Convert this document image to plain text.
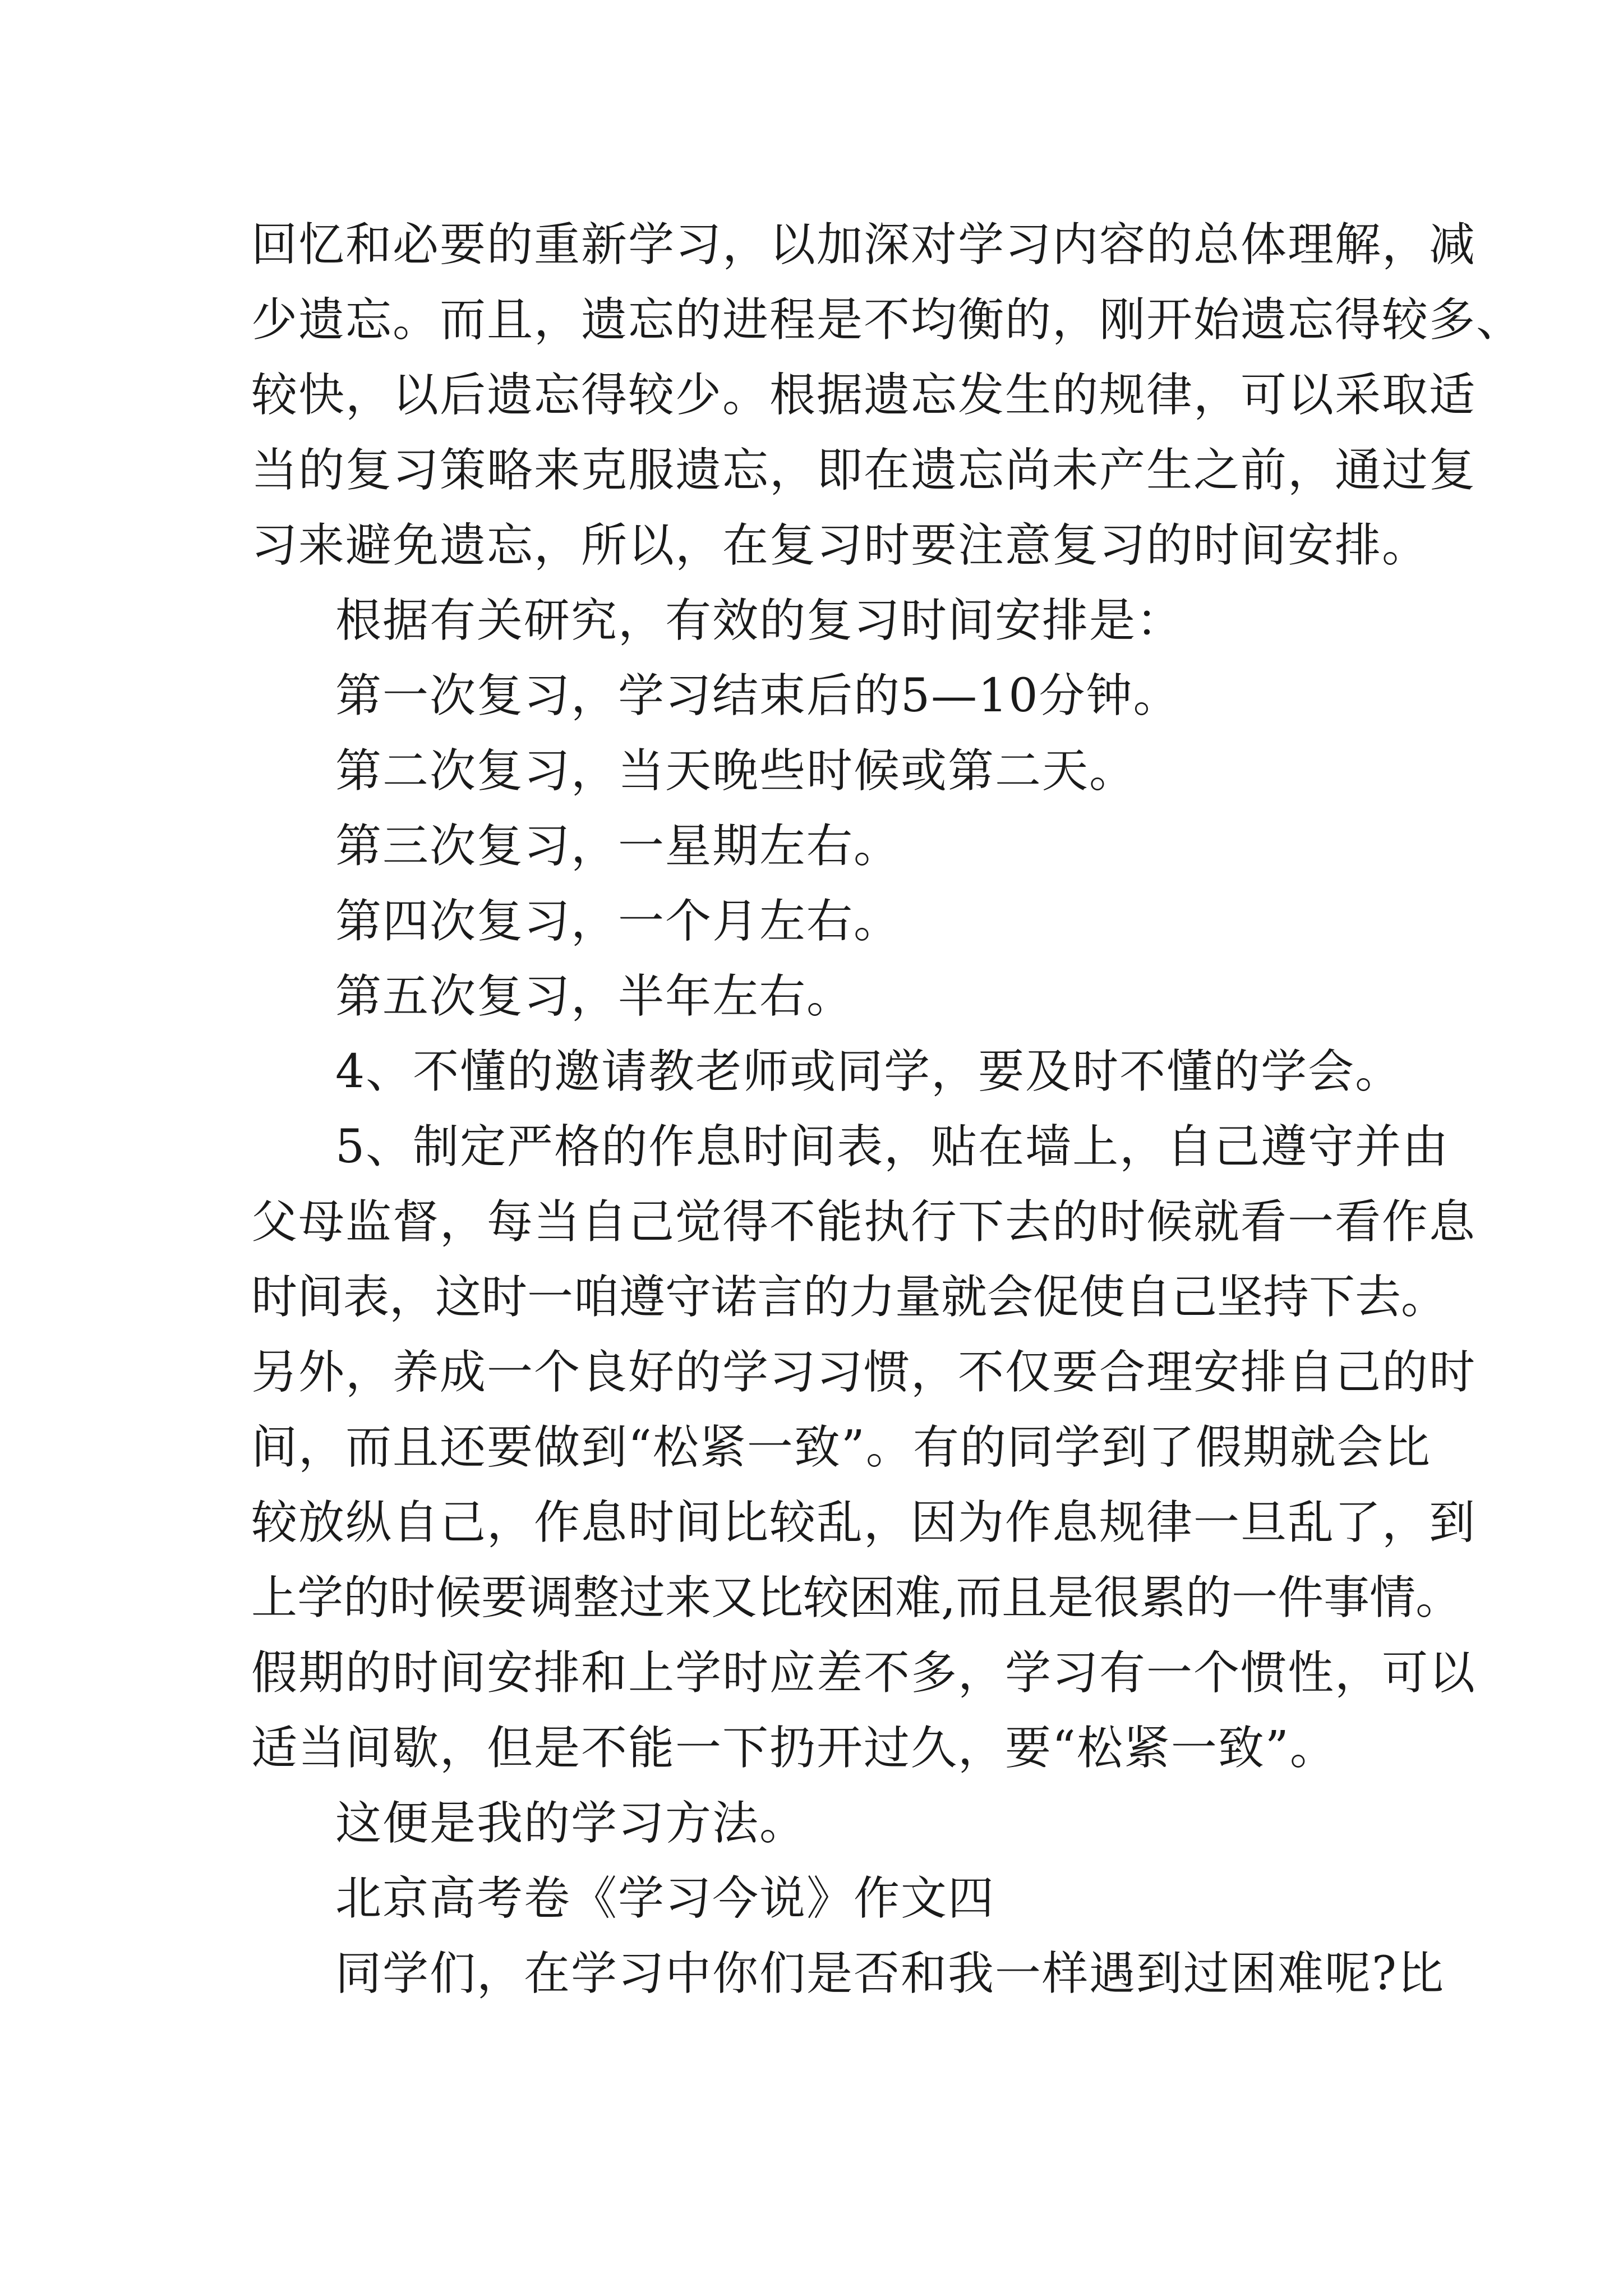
回忆和必要的重新学习，以加深对学习内容的总体理解，减
少遗忘。而且，遗忘的进程是不均衡的，刚开始遗忘得较多、
较快，以后遗忘得较少。根据遗忘发生的规律，可以采取适
当的复习策略来克服遗忘，即在遗忘尚未产生之前，通过复
习来避免遗忘，所以，在复习时要注意复习的时间安排。
根据有关研究，有效的复习时间安排是：
第一次复习，学习结束后的5—10分钟。
第二次复习，当天晚些时候或第二天。
第三次复习，一星期左右。
第四次复习，一个月左右。
第五次复习，半年左右。
4、不懂的邀请教老师或同学，要及时不懂的学会。
5、制定严格的作息时间表，贴在墙上，自己遵守并由
父母监督，每当自己觉得不能执行下去的时候就看一看作息
时间表，这时一咱遵守诺言的力量就会促使自己坚持下去。
另外，养成一个良好的学习习惯，不仅要合理安排自己的时
间，而且还要做到“松紧一致”。有的同学到了假期就会比
较放纵自己，作息时间比较乱，因为作息规律一旦乱了，到
上学的时候要调整过来又比较困难,而且是很累的一件事情。
假期的时间安排和上学时应差不多，学习有一个惯性，可以
适当间歇，但是不能一下扔开过久，要“松紧一致”。
这便是我的学习方法。
北京高考卷《学习今说》作文四
同学们，在学习中你们是否和我一样遇到过困难呢?比
